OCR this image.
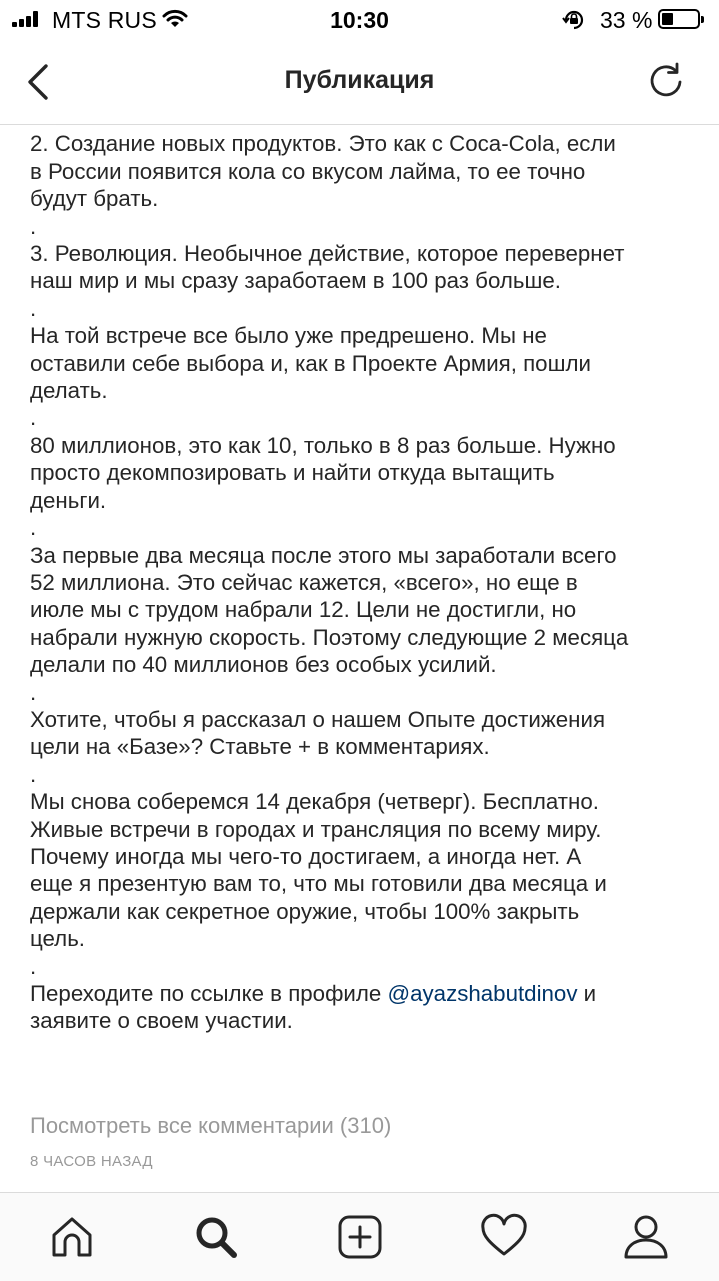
MTS RUS	10:30	33 %

2. Создание новых продуктов. Это как с Coca-Cola, если
в России появится кола со вкусом лайма, то ее точно
будут брать.

.

3. Революция. Необычное действие, которое перевернет
наш мир и мы сразу заработаем в 100 раз больше.

.

На той встрече все было уже предрешено. Мы не
оставили себе выбора и, как в Проекте Армия, пошли
делать.

.

80 миллионов, это как 10, только в 8 раз больше. Нужно
просто декомпозировать и найти откуда вытащить
деньги.

.

За первые два месяца после этого мы заработали всего
52 миллиона. Это сейчас кажется, «всего», но еще в
июле мы с трудом набрали 12. Цели не достигли, но
набрали нужную скорость. Поэтому следующие 2 месяца
делали по 40 миллионов без особых усилий.

.

Хотите, чтобы я рассказал о нашем Опыте достижения
цели на «Базе»? Ставьте + в комментариях.

.

Мы снова соберемся 14 декабря (четверг). Бесплатно.
Живые встречи в городах и трансляция по всему миру.
Почему иногда мы чего-то достигаем, а иногда нет. А
еще я презентую вам то, что мы готовили два месяца и
держали как секретное оружие, чтобы 100% закрыть
цель.

.

Переходите по ссылке в профиле @ayazshabutdinov и
заявите о своем участии.

Посмотреть все комментарии (310)
8 ЧАСОВ НАЗАД
Публикация
